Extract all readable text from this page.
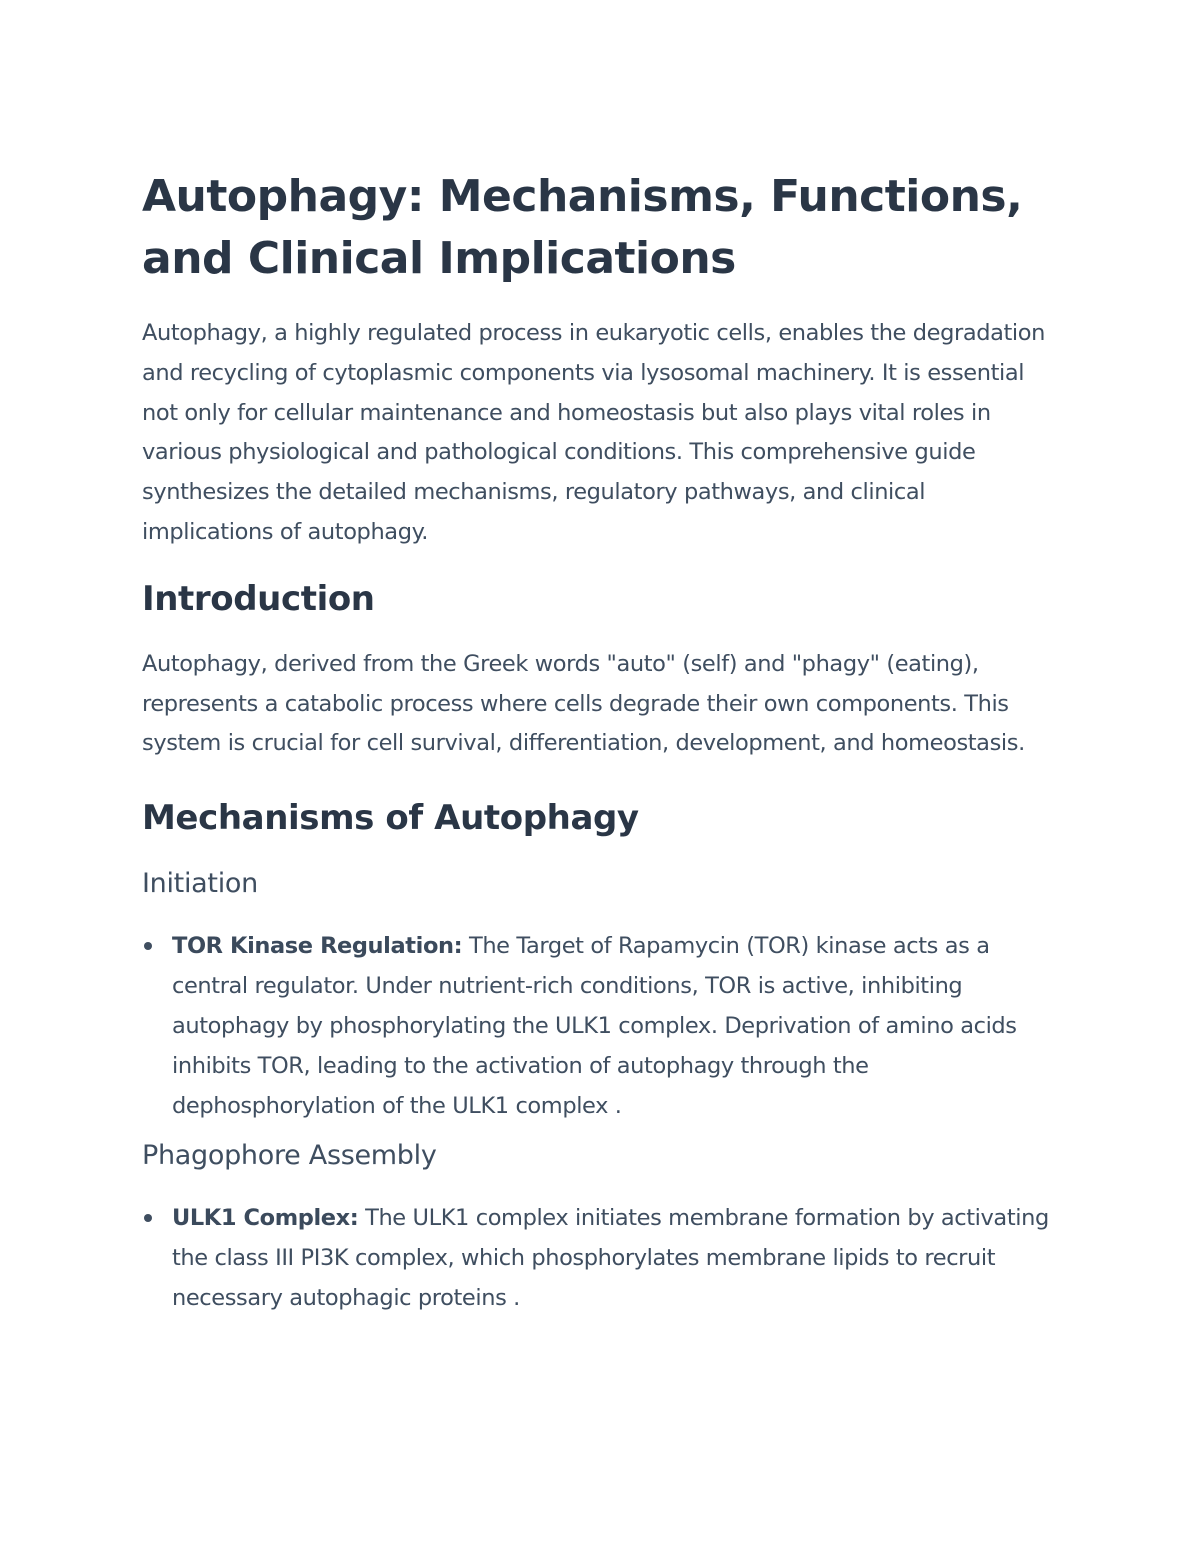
Autophagy: Mechanisms, Functions, and Clinical Implications

Autophagy, a highly regulated process in eukaryotic cells, enables the degradation and recycling of cytoplasmic components via lysosomal machinery. It is essential not only for cellular maintenance and homeostasis but also plays vital roles in various physiological and pathological conditions. This comprehensive guide synthesizes the detailed mechanisms, regulatory pathways, and clinical implications of autophagy.

Introduction

Autophagy, derived from the Greek words "auto" (self) and "phagy" (eating), represents a catabolic process where cells degrade their own components. This system is crucial for cell survival, differentiation, development, and homeostasis.

Mechanisms of Autophagy
Initiation
TOR Kinase Regulation: The Target of Rapamycin (TOR) kinase acts as a central regulator. Under nutrient-rich conditions, TOR is active, inhibiting autophagy by phosphorylating the ULK1 complex. Deprivation of amino acids inhibits TOR, leading to the activation of autophagy through the dephosphorylation of the ULK1 complex .
Phagophore Assembly
ULK1 Complex: The ULK1 complex initiates membrane formation by activating the class III PI3K complex, which phosphorylates membrane lipids to recruit necessary autophagic proteins .
